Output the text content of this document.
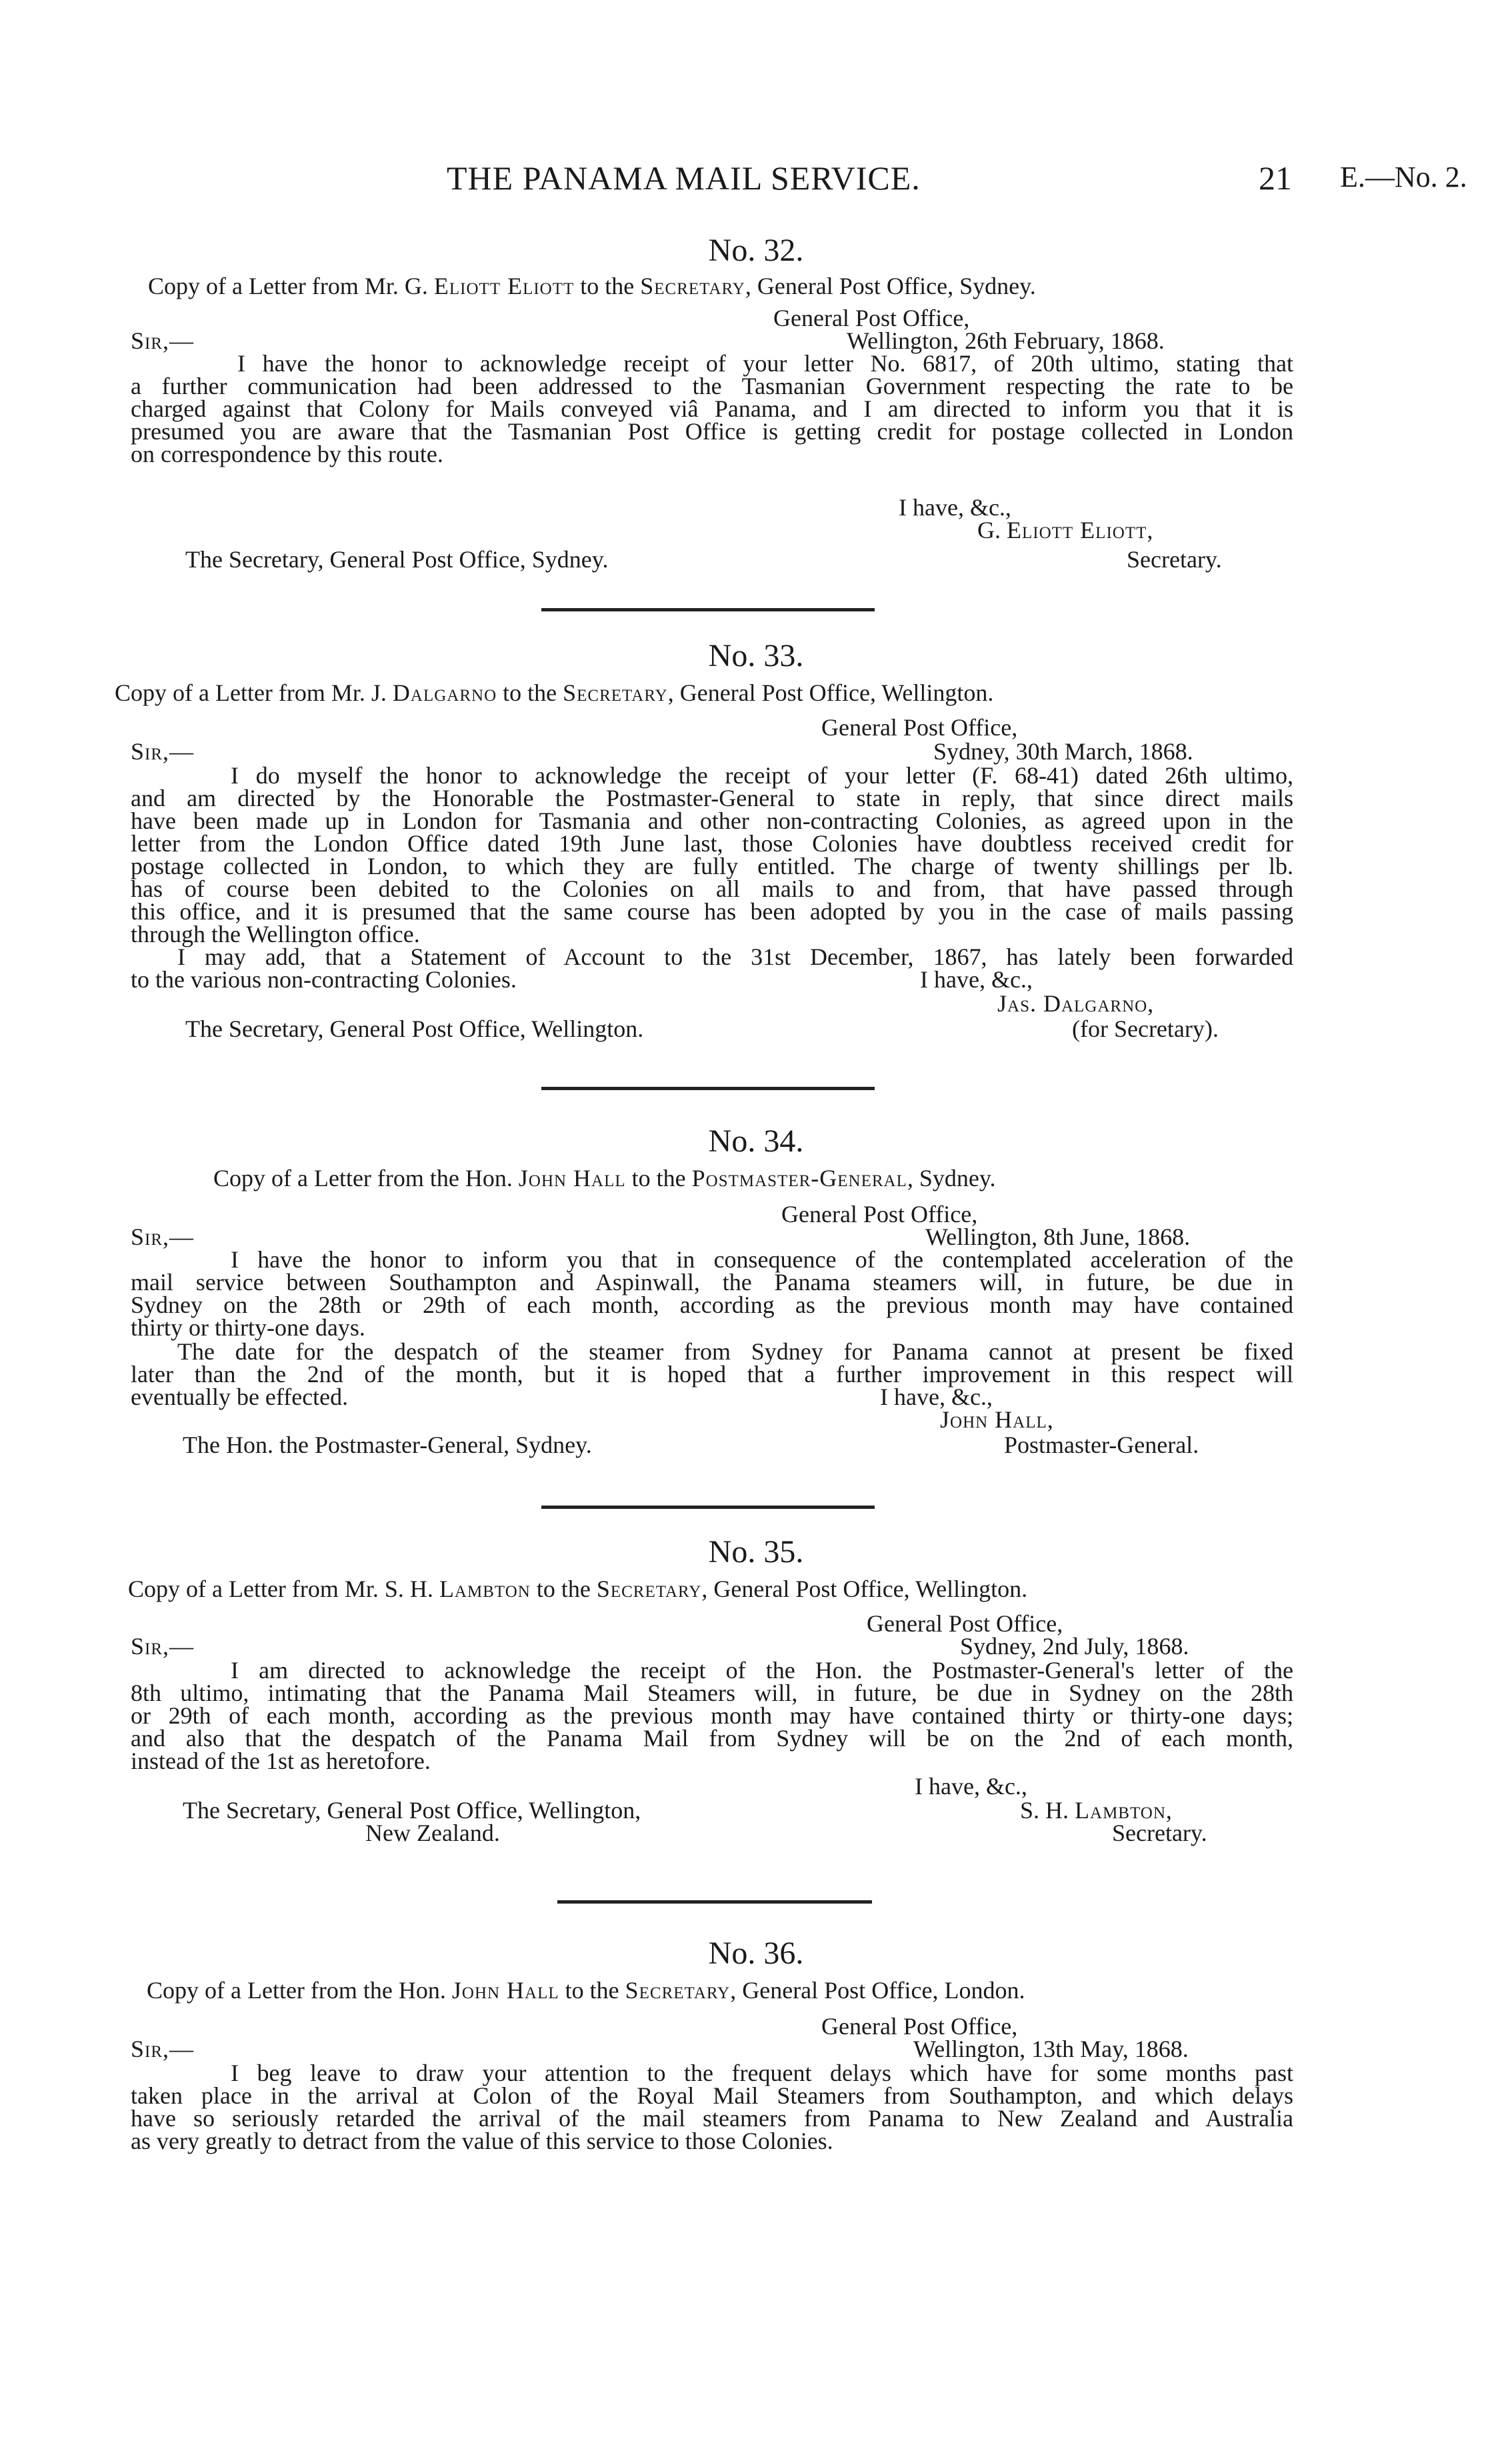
THE PANAMA MAIL SERVICE.	21 E.—No. 2.
No. 32.
Copy of a Letter from Mr. G. Eliott Eliott to the Secretary, General Post Office, Sydney.
General Post Office,
Sir,—	Wellington, 26th February, 1868.
I have the honor to acknowledge receipt of your letter No. 6817, of 20th ultimo, stating that
a further communication had been addressed to the Tasmanian Government respecting the rate to be
charged against that Colony for Mails conveyed viâ Panama, and I am directed to inform you that it is
presumed you are aware that the Tasmanian Post Office is getting credit for postage collected in London
on correspondence by this route.
I have, &c.,
G. Eliott Eliott,
The Secretary, General Post Office, Sydney.	Secretary.
No. 33.
Copy of a Letter from Mr. J. Dalgarno to the Secretary, General Post Office, Wellington.
General Post Office,
Sir,—	Sydney, 30th March, 1868.
I do myself the honor to acknowledge the receipt of your letter (F. 68-41) dated 26th ultimo,
and am directed by the Honorable the Postmaster-General to state in reply, that since direct mails
have been made up in London for Tasmania and other non-contracting Colonies, as agreed upon in the
letter from the London Office dated 19th June last, those Colonies have doubtless received credit for
postage collected in London, to which they are fully entitled. The charge of twenty shillings per lb.
has of course been debited to the Colonies on all mails to and from, that have passed through
this office, and it is presumed that the same course has been adopted by you in the case of mails passing
through the Wellington office.
I may add, that a Statement of Account to the 31st December, 1867, has lately been forwarded
to the various non-contracting Colonies.	I have, &c.,
Jas. Dalgarno,
The Secretary, General Post Office, Wellington.	(for Secretary).
No. 34.
Copy of a Letter from the Hon. John Hall to the Postmaster-General, Sydney.
General Post Office,
Sir,—	Wellington, 8th June, 1868.
I have the honor to inform you that in consequence of the contemplated acceleration of the
mail service between Southampton and Aspinwall, the Panama steamers will, in future, be due in
Sydney on the 28th or 29th of each month, according as the previous month may have contained
thirty or thirty-one days.
The date for the despatch of the steamer from Sydney for Panama cannot at present be fixed
later than the 2nd of the month, but it is hoped that a further improvement in this respect will
eventually be effected.	I have, &c.,
John Hall,
The Hon. the Postmaster-General, Sydney.	Postmaster-General.
No. 35.
Copy of a Letter from Mr. S. H. Lambton to the Secretary, General Post Office, Wellington.
General Post Office,
Sir,—	Sydney, 2nd July, 1868.
I am directed to acknowledge the receipt of the Hon. the Postmaster-General's letter of the
8th ultimo, intimating that the Panama Mail Steamers will, in future, be due in Sydney on the 28th
or 29th of each month, according as the previous month may have contained thirty or thirty-one days;
and also that the despatch of the Panama Mail from Sydney will be on the 2nd of each month,
instead of the 1st as heretofore.
I have, &c.,
S. H. Lambton,
The Secretary, General Post Office, Wellington,
New Zealand.	Secretary.
No. 36.
Copy of a Letter from the Hon. John Hall to the Secretary, General Post Office, London.
General Post Office,
Sir,—	Wellington, 13th May, 1868.
I beg leave to draw your attention to the frequent delays which have for some months past
taken place in the arrival at Colon of the Royal Mail Steamers from Southampton, and which delays
have so seriously retarded the arrival of the mail steamers from Panama to New Zealand and Australia
as very greatly to detract from the value of this service to those Colonies.
